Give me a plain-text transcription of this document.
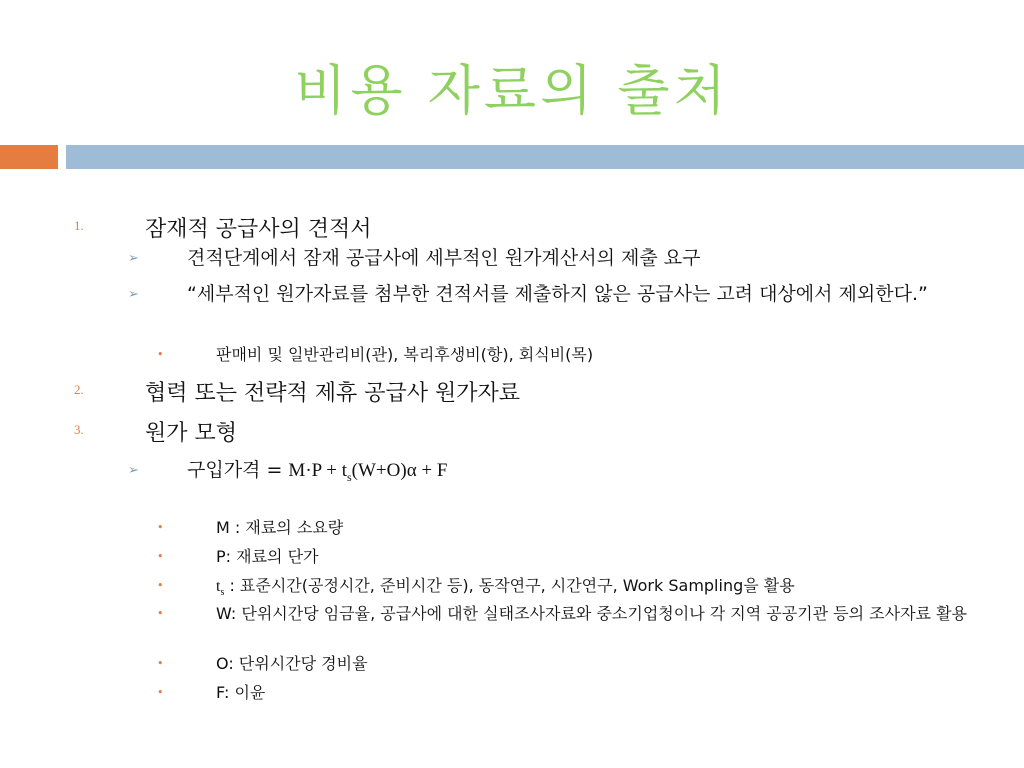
비용 자료의 출처
1.	잠재적 공급사의 견적서
➢	견적단계에서 잠재 공급사에 세부적인 원가계산서의 제출 요구
➢	“세부적인 원가자료를 첨부한 견적서를 제출하지 않은 공급사는 고려 대상에서 제외한다.”
•	판매비 및 일반관리비(관), 복리후생비(항), 회식비(목)
2.	협력 또는 전략적 제휴 공급사 원가자료
3.	원가 모형
➢	구입가격 = $M\cdot P + t_s(W+O)\alpha + F$
•	M : 재료의 소요량
•	P: 재료의 단가
•	$t_s$ : 표준시간(공정시간, 준비시간 등), 동작연구, 시간연구, Work Sampling을 활용
•	W: 단위시간당 임금율, 공급사에 대한 실태조사자료와 중소기업청이나 각 지역 공공기관 등의 조사자료 활용
•	O: 단위시간당 경비율
•	F: 이윤
